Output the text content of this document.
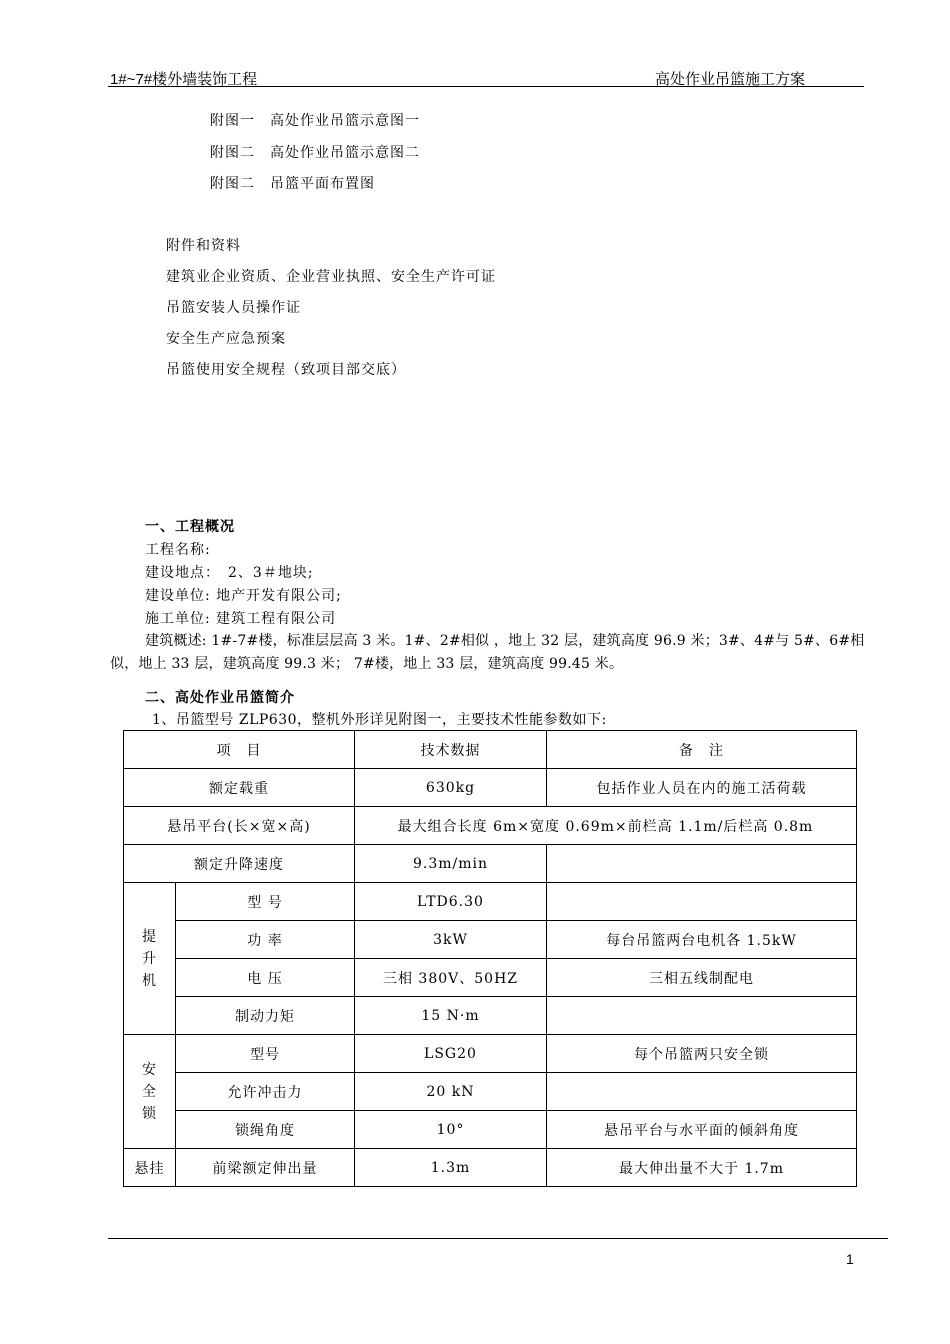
1#~7#楼外墙装饰工程	高处作业吊篮施工方案
附图一　高处作业吊篮示意图一
附图二　高处作业吊篮示意图二
附图二　吊篮平面布置图
附件和资料
建筑业企业资质、企业营业执照、安全生产许可证
吊篮安装人员操作证
安全生产应急预案
吊篮使用安全规程（致项目部交底）
一、工程概况
工程名称:
建设地点：　2、3＃地块;
建设单位: 地产开发有限公司;
施工单位: 建筑工程有限公司
建筑概述: 1#-7#楼，标准层层高 3 米。1#、2#相似 ，地上 32 层，建筑高度 96.9 米；3#、4#与 5#、6#相
似，地上 33 层，建筑高度 99.3 米； 7#楼，地上 33 层，建筑高度 99.45 米。
二、高处作业吊篮简介
1、吊篮型号 ZLP630，整机外形详见附图一，主要技术性能参数如下:
项　目		技术数据	备　注
额定载重		630kg	包括作业人员在内的施工活荷载
悬吊平台(长×宽×高)		最大组合长度 6m×宽度 0.69m×前栏高 1.1m/后栏高 0.8m	
额定升降速度		9.3m/min	
提
升
机	型 号	LTD6.30	
	功 率	3kW	每台吊篮两台电机各 1.5kW
	电 压	三相 380V、50HZ	三相五线制配电
	制动力矩	15 N·m	
安
全
锁	型号	LSG20	每个吊篮两只安全锁
	允许冲击力	20 kN	
	锁绳角度	10°	悬吊平台与水平面的倾斜角度
悬挂	前梁额定伸出量	1.3m	最大伸出量不大于 1.7m
1
